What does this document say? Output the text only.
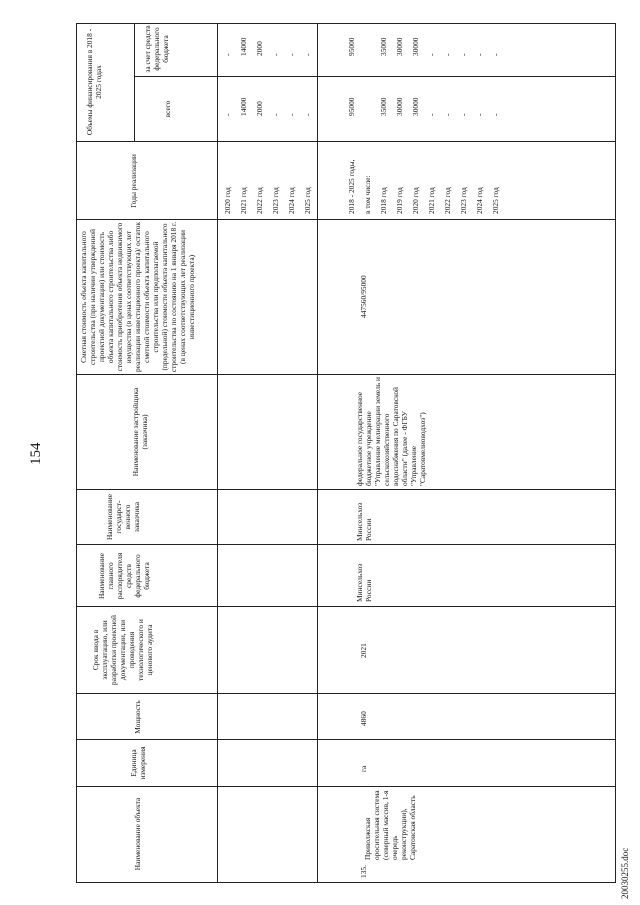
154
Наименование объекта
Единица измерения
Мощность
Срок ввода в эксплуатацию, или разработки проектной документации, или проведения технологического и ценового аудита
Наименование главного распорядителя средств федерального бюджета
Наименование государст-венного заказчика
Наименование застройщика (заказчика)
Сметная стоимость объекта капитального строительства (при наличии утвержденной проектной документации) или стоимость объекта капитального строительства либо стоимость приобретения объекта недвижимого имущества (в ценах соответствующих лет реализации инвестиционного проекта)/ остаток сметной стоимости объекта капитального строительства или предполагаемой (предельной) стоимости объекта капитального строительства по состоянию на 1 января 2018 г. (в ценах соответствующих лет реализации инвестиционного проекта)
Объемы финансирования в 2018 - 2025 годах
Годы реализации
всего
за счет средств федерального бюджета
2020 год
-
-
2021 год
14000
14000
2022 год
2000
2000
2023 год
-
-
2024 год
-
-
2025 год
-
-
135.
Приволжская оросительная система (северный массив, 1-я очередь реконструкции), Саратовская область
га
4860
2021
Минсельхоз России
Минсельхоз России
федеральное государственное бюджетное учреждение "Управление мелиорации земель и сельскохозяйственного водоснабжения по Саратовской области" (далее - ФГБУ "Управление "Саратовмелиоводхоз")
447560/95000
2018 - 2025 годы,
95000
95000
в том числе: 2018 год
35000
35000
2019 год
30000
30000
2020 год
30000
30000
2021 год
-
-
2022 год
-
-
2023 год
-
-
2024 год
-
-
2025 год
-
-
20030255.doc
